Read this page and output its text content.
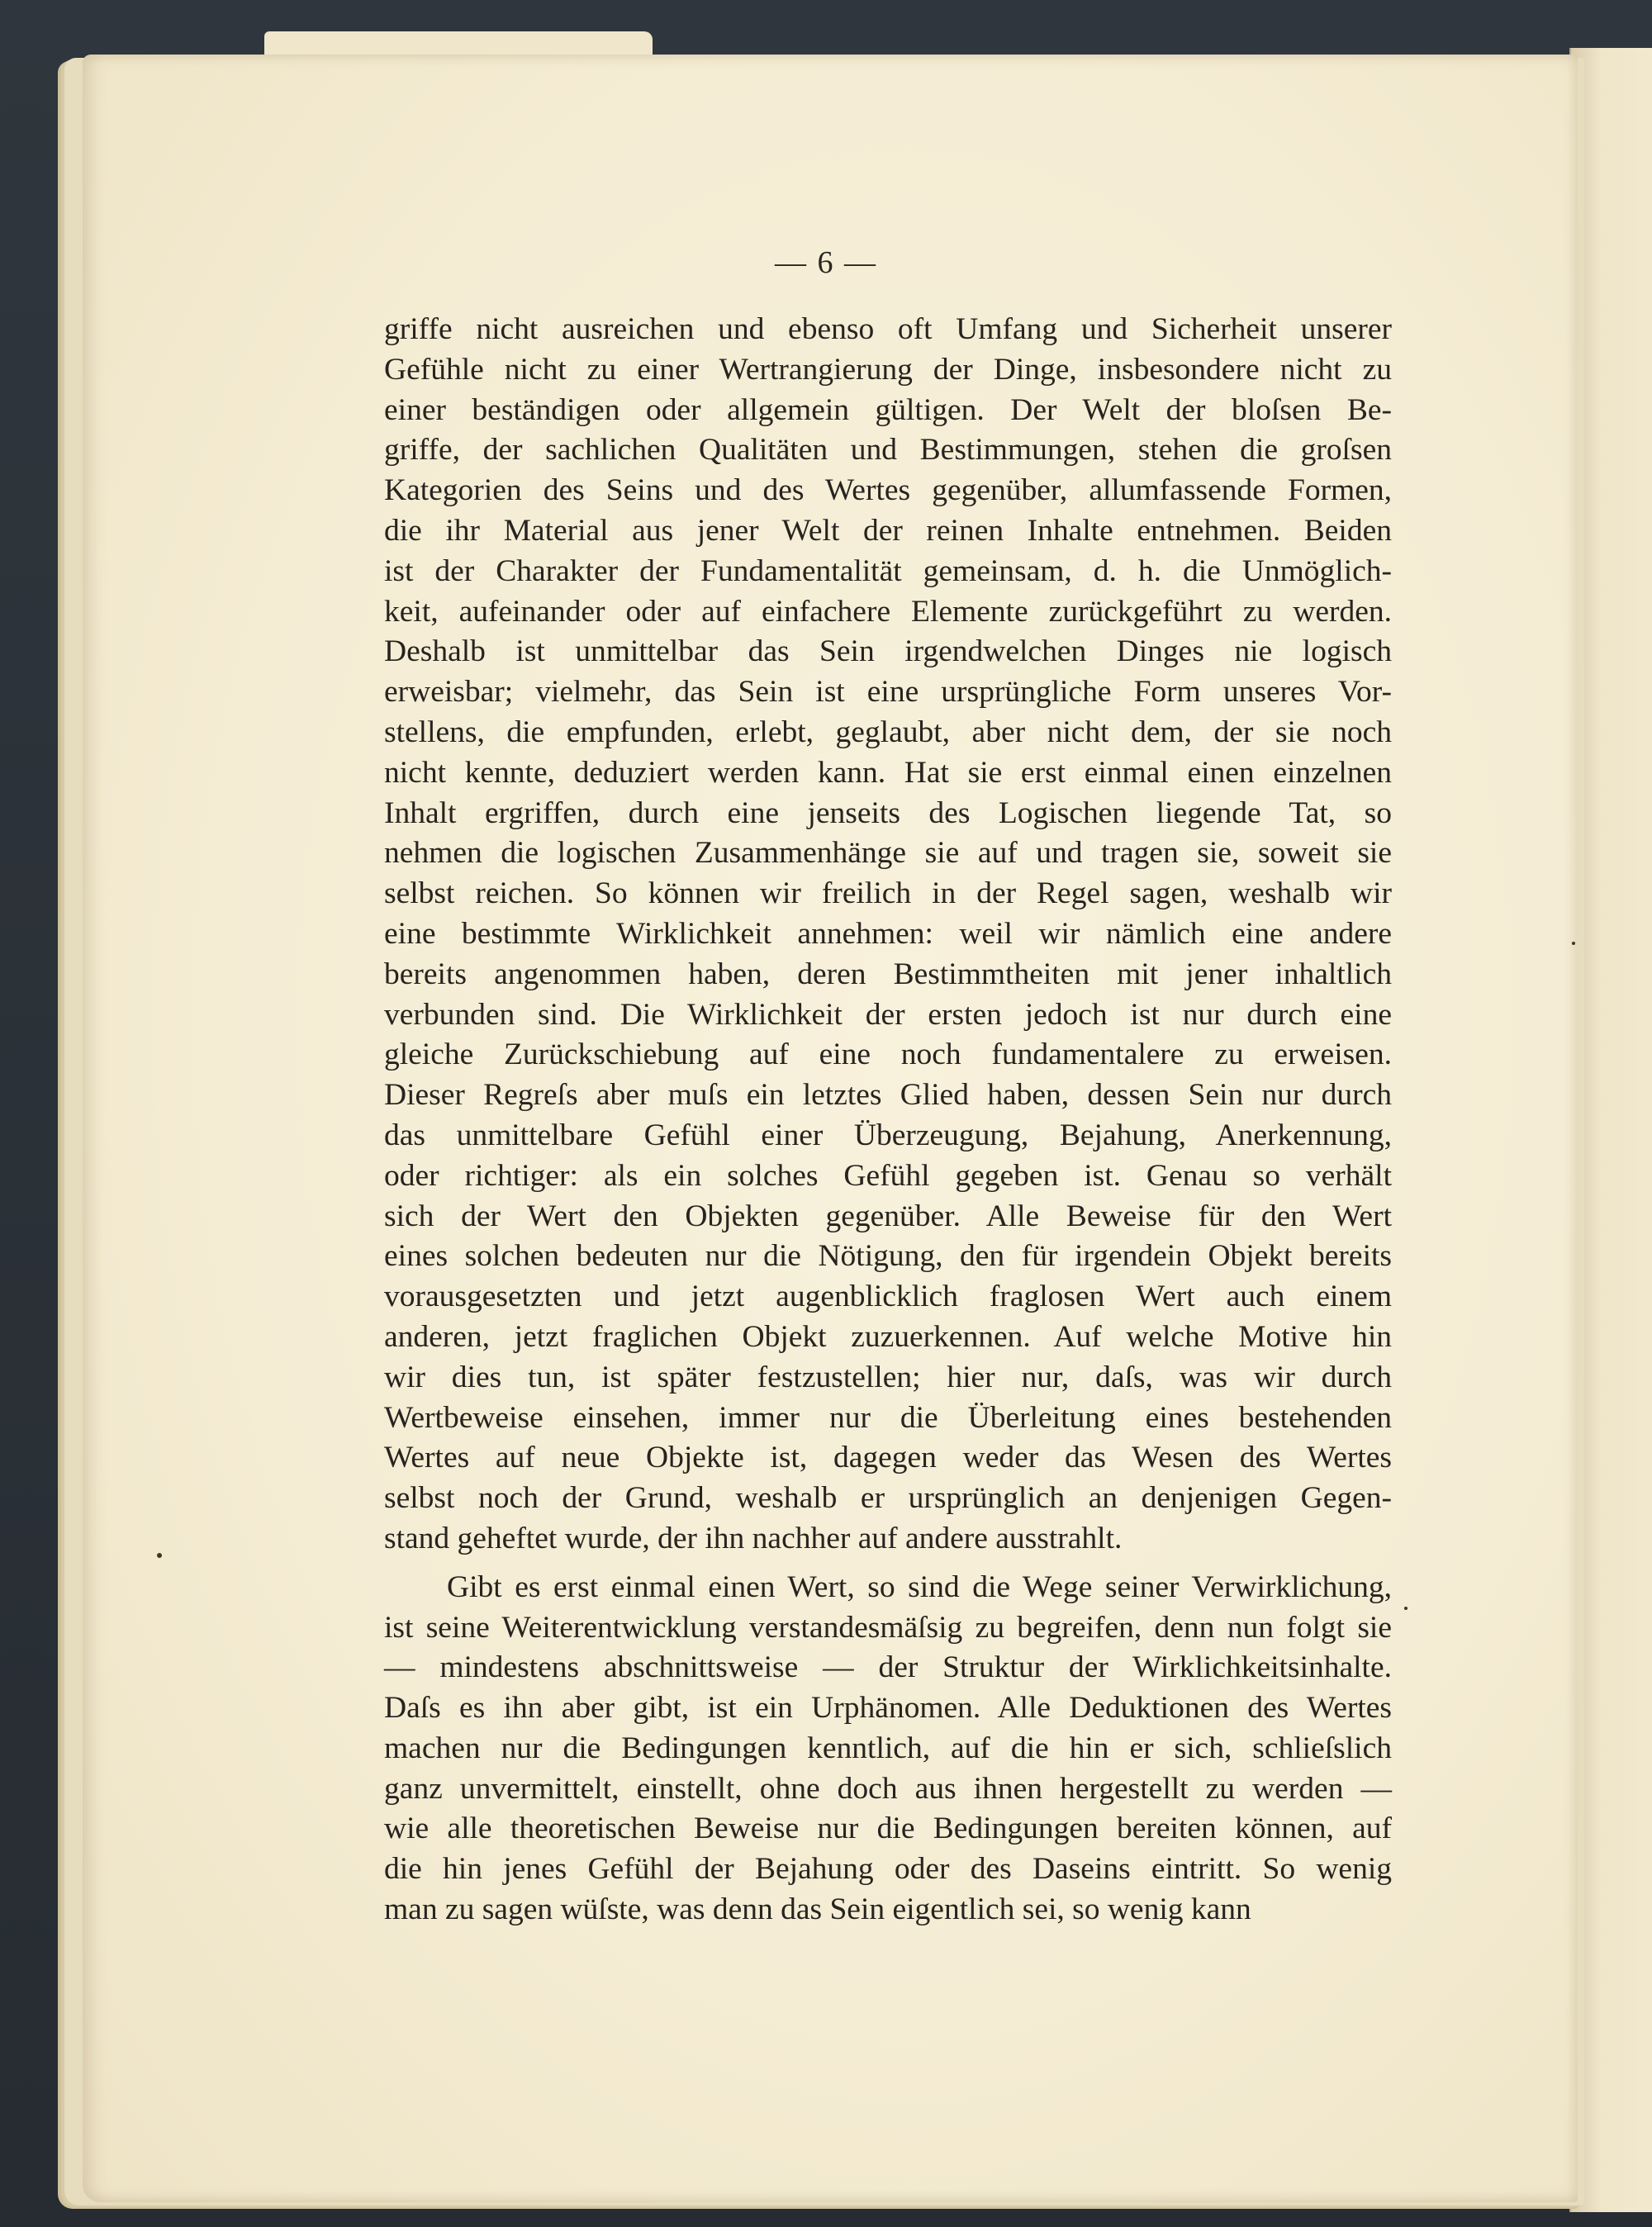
— 6 —
griffe nicht ausreichen und ebenso oft Umfang und Sicherheit unserer
Gefühle nicht zu einer Wertrangierung der Dinge, insbesondere nicht zu
einer beständigen oder allgemein gültigen. Der Welt der bloſsen Be-
griffe, der sachlichen Qualitäten und Bestimmungen, stehen die groſsen
Kategorien des Seins und des Wertes gegenüber, allumfassende Formen,
die ihr Material aus jener Welt der reinen Inhalte entnehmen. Beiden
ist der Charakter der Fundamentalität gemeinsam, d. h. die Unmöglich-
keit, aufeinander oder auf einfachere Elemente zurückgeführt zu werden.
Deshalb ist unmittelbar das Sein irgendwelchen Dinges nie logisch
erweisbar; vielmehr, das Sein ist eine ursprüngliche Form unseres Vor-
stellens, die empfunden, erlebt, geglaubt, aber nicht dem, der sie noch
nicht kennte, deduziert werden kann. Hat sie erst einmal einen einzelnen
Inhalt ergriffen, durch eine jenseits des Logischen liegende Tat, so
nehmen die logischen Zusammenhänge sie auf und tragen sie, soweit sie
selbst reichen. So können wir freilich in der Regel sagen, weshalb wir
eine bestimmte Wirklichkeit annehmen: weil wir nämlich eine andere
bereits angenommen haben, deren Bestimmtheiten mit jener inhaltlich
verbunden sind. Die Wirklichkeit der ersten jedoch ist nur durch eine
gleiche Zurückschiebung auf eine noch fundamentalere zu erweisen.
Dieser Regreſs aber muſs ein letztes Glied haben, dessen Sein nur durch
das unmittelbare Gefühl einer Überzeugung, Bejahung, Anerkennung,
oder richtiger: als ein solches Gefühl gegeben ist. Genau so verhält
sich der Wert den Objekten gegenüber. Alle Beweise für den Wert
eines solchen bedeuten nur die Nötigung, den für irgendein Objekt bereits
vorausgesetzten und jetzt augenblicklich fraglosen Wert auch einem
anderen, jetzt fraglichen Objekt zuzuerkennen. Auf welche Motive hin
wir dies tun, ist später festzustellen; hier nur, daſs, was wir durch
Wertbeweise einsehen, immer nur die Überleitung eines bestehenden
Wertes auf neue Objekte ist, dagegen weder das Wesen des Wertes
selbst noch der Grund, weshalb er ursprünglich an denjenigen Gegen-
stand geheftet wurde, der ihn nachher auf andere ausstrahlt.
Gibt es erst einmal einen Wert, so sind die Wege seiner Verwirklichung,
ist seine Weiterentwicklung verstandesmäſsig zu begreifen, denn nun folgt sie
— mindestens abschnittsweise — der Struktur der Wirklichkeitsinhalte.
Daſs es ihn aber gibt, ist ein Urphänomen. Alle Deduktionen des Wertes
machen nur die Bedingungen kenntlich, auf die hin er sich, schlieſslich
ganz unvermittelt, einstellt, ohne doch aus ihnen hergestellt zu werden —
wie alle theoretischen Beweise nur die Bedingungen bereiten können, auf
die hin jenes Gefühl der Bejahung oder des Daseins eintritt. So wenig
man zu sagen wüſste, was denn das Sein eigentlich sei, so wenig kann
